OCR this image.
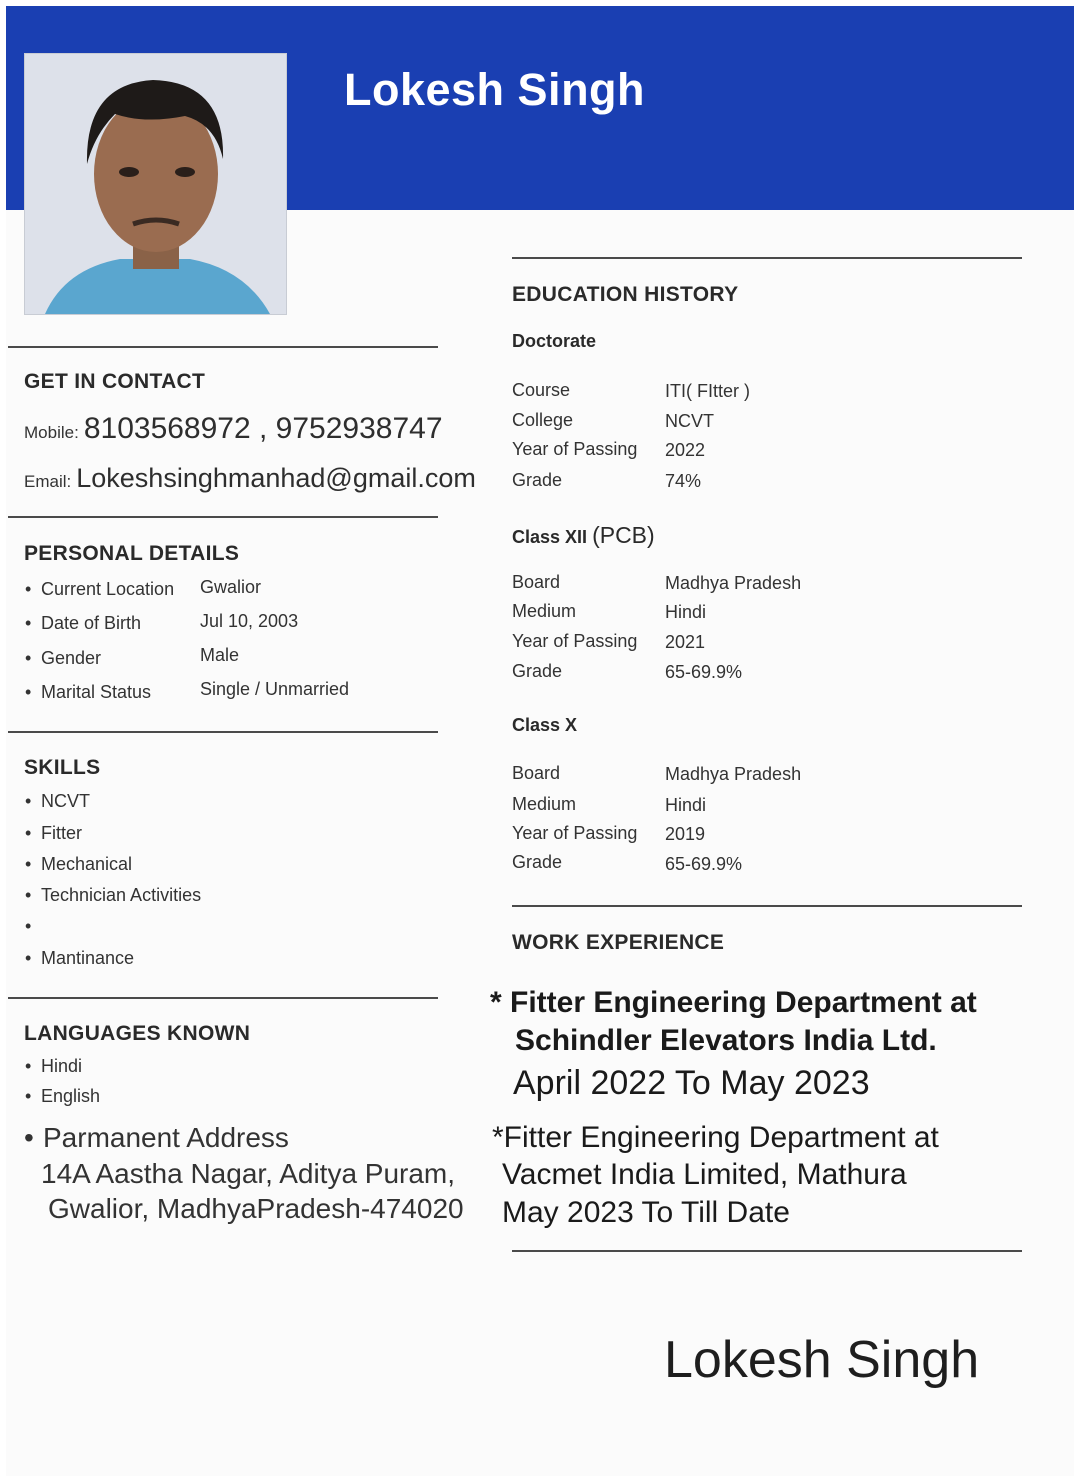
Lokesh Singh
GET IN CONTACT
Mobile: 8103568972 , 9752938747
Email: Lokeshsinghmanhad@gmail.com
PERSONAL DETAILS
• Current Location Gwalior
• Date of Birth	Jul 10, 2003
• Gender	Male
• Marital Status	Single / Unmarried
SKILLS
• NCVT
• Fitter
• Mechanical
• Technician Activities
• Mantinance
LANGUAGES KNOWN
• Hindi
• English
• Parmanent Address
14A Aastha Nagar, Aditya Puram,
Gwalior, MadhyaPradesh-474020
EDUCATION HISTORY
Doctorate
Course	ITI( FItter )
College	NCVT
Year of Passing 2022
Grade	74%
Class XII (PCB)
Board	Madhya Pradesh
Medium	Hindi
Year of Passing 2021
Grade	65-69.9%
Class X
Board	Madhya Pradesh
Medium	Hindi
Year of Passing 2019
Grade	65-69.9%
WORK EXPERIENCE
* Fitter Engineering Department at
Schindler Elevators India Ltd.
April 2022 To May 2023
*Fitter Engineering Department at
Vacmet India Limited, Mathura
May 2023 To Till Date
Lokesh Singh
